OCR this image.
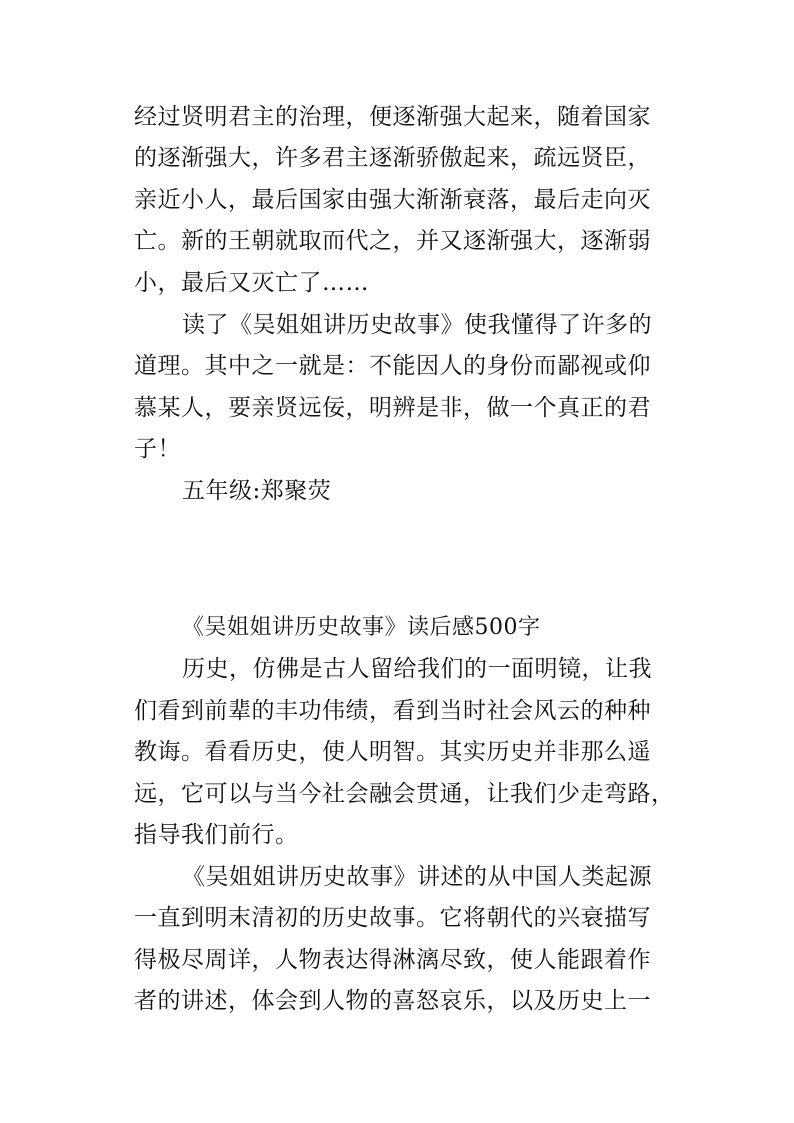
经过贤明君主的治理，便逐渐强大起来，随着国家
的逐渐强大，许多君主逐渐骄傲起来，疏远贤臣，
亲近小人，最后国家由强大渐渐衰落，最后走向灭
亡。新的王朝就取而代之，并又逐渐强大，逐渐弱
小，最后又灭亡了……
读了《吴姐姐讲历史故事》使我懂得了许多的
道理。其中之一就是：不能因人的身份而鄙视或仰
慕某人，要亲贤远佞，明辨是非，做一个真正的君
子！
五年级:郑聚荧
《吴姐姐讲历史故事》读后感500字
历史，仿佛是古人留给我们的一面明镜，让我
们看到前辈的丰功伟绩，看到当时社会风云的种种
教诲。看看历史，使人明智。其实历史并非那么遥
远，它可以与当今社会融会贯通，让我们少走弯路，
指导我们前行。
《吴姐姐讲历史故事》讲述的从中国人类起源
一直到明末清初的历史故事。它将朝代的兴衰描写
得极尽周详，人物表达得淋漓尽致，使人能跟着作
者的讲述，体会到人物的喜怒哀乐，以及历史上一
